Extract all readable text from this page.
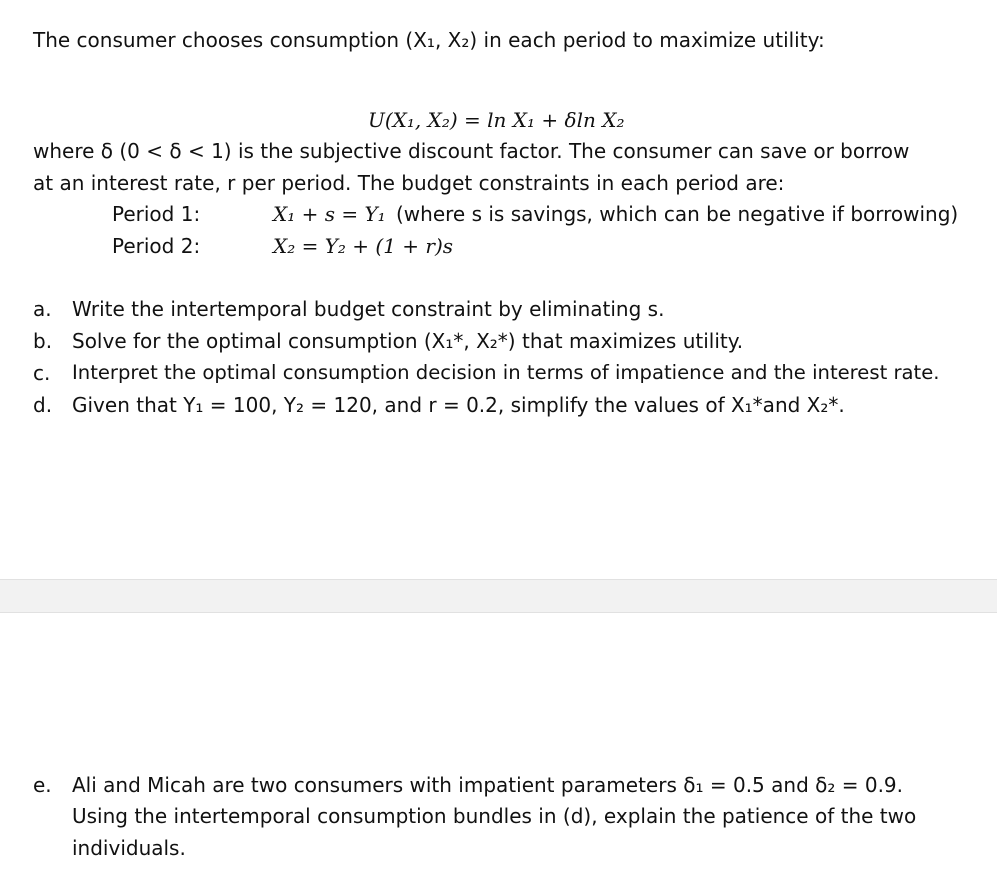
The consumer chooses consumption (X₁, X₂) in each period to maximize utility:
U(X₁, X₂) = ln X₁ + δln X₂
where δ (0 < δ < 1) is the subjective discount factor. The consumer can save or borrow
at an interest rate, r per period. The budget constraints in each period are:
Period 1:	X₁ + s = Y₁ (where s is savings, which can be negative if borrowing)
Period 2:	X₂ = Y₂ + (1 + r)s
a.	Write the intertemporal budget constraint by eliminating s.
b. Solve for the optimal consumption (X₁*, X₂*) that maximizes utility.
c.	Interpret the optimal consumption decision in terms of impatience and the interest rate.
d. Given that Y₁ = 100, Y₂ = 120, and r = 0.2, simplify the values of X₁*and X₂*.
e. Ali and Micah are two consumers with impatient parameters δ₁ = 0.5 and δ₂ = 0.9.
Using the intertemporal consumption bundles in (d), explain the patience of the two
individuals.
